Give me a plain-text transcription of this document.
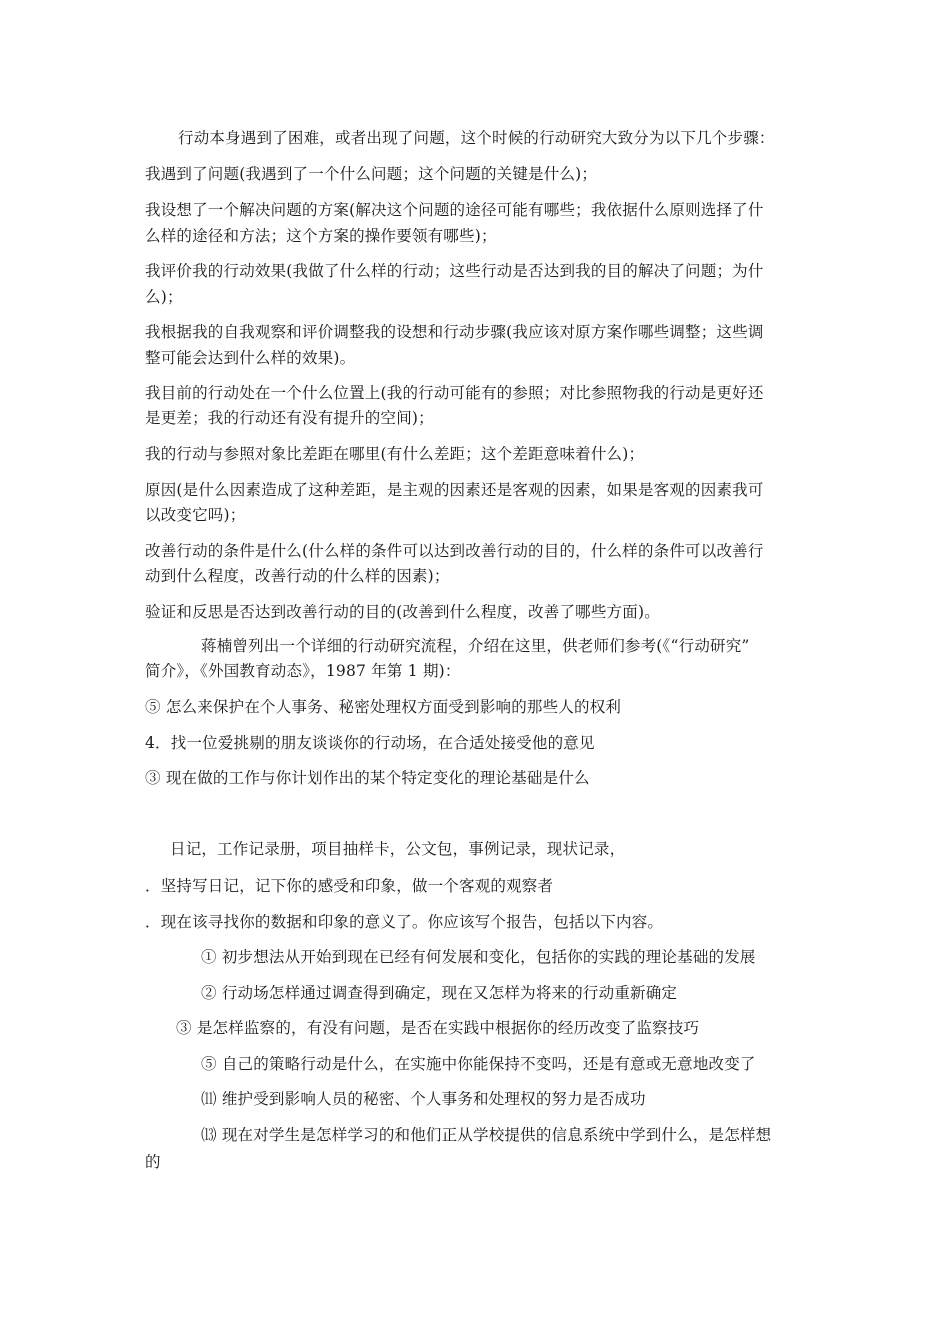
行动本身遇到了困难，或者出现了问题，这个时候的行动研究大致分为以下几个步骤：
我遇到了问题(我遇到了一个什么问题；这个问题的关键是什么)；
我设想了一个解决问题的方案(解决这个问题的途径可能有哪些；我依据什么原则选择了什
么样的途径和方法；这个方案的操作要领有哪些)；
我评价我的行动效果(我做了什么样的行动；这些行动是否达到我的目的解决了问题；为什
么)；
我根据我的自我观察和评价调整我的设想和行动步骤(我应该对原方案作哪些调整；这些调
整可能会达到什么样的效果)。
我目前的行动处在一个什么位置上(我的行动可能有的参照；对比参照物我的行动是更好还
是更差；我的行动还有没有提升的空间)；
我的行动与参照对象比差距在哪里(有什么差距；这个差距意味着什么)；
原因(是什么因素造成了这种差距，是主观的因素还是客观的因素，如果是客观的因素我可
以改变它吗)；
改善行动的条件是什么(什么样的条件可以达到改善行动的目的，什么样的条件可以改善行
动到什么程度，改善行动的什么样的因素)；
验证和反思是否达到改善行动的目的(改善到什么程度，改善了哪些方面)。
蒋楠曾列出一个详细的行动研究流程，介绍在这里，供老师们参考(《“行动研究”
简介》，《外国教育动态》，1987 年第 1 期)：
⑤ 怎么来保护在个人事务、秘密处理权方面受到影响的那些人的权利
4．找一位爱挑剔的朋友谈谈你的行动场，在合适处接受他的意见
③ 现在做的工作与你计划作出的某个特定变化的理论基础是什么
日记，工作记录册，项目抽样卡，公文包，事例记录，现状记录，
．坚持写日记，记下你的感受和印象，做一个客观的观察者
．现在该寻找你的数据和印象的意义了。你应该写个报告，包括以下内容。
① 初步想法从开始到现在已经有何发展和变化，包括你的实践的理论基础的发展
② 行动场怎样通过调查得到确定，现在又怎样为将来的行动重新确定
③ 是怎样监察的，有没有问题，是否在实践中根据你的经历改变了监察技巧
⑤ 自己的策略行动是什么，在实施中你能保持不变吗，还是有意或无意地改变了
⑾ 维护受到影响人员的秘密、个人事务和处理权的努力是否成功
⒀ 现在对学生是怎样学习的和他们正从学校提供的信息系统中学到什么，是怎样想
的
